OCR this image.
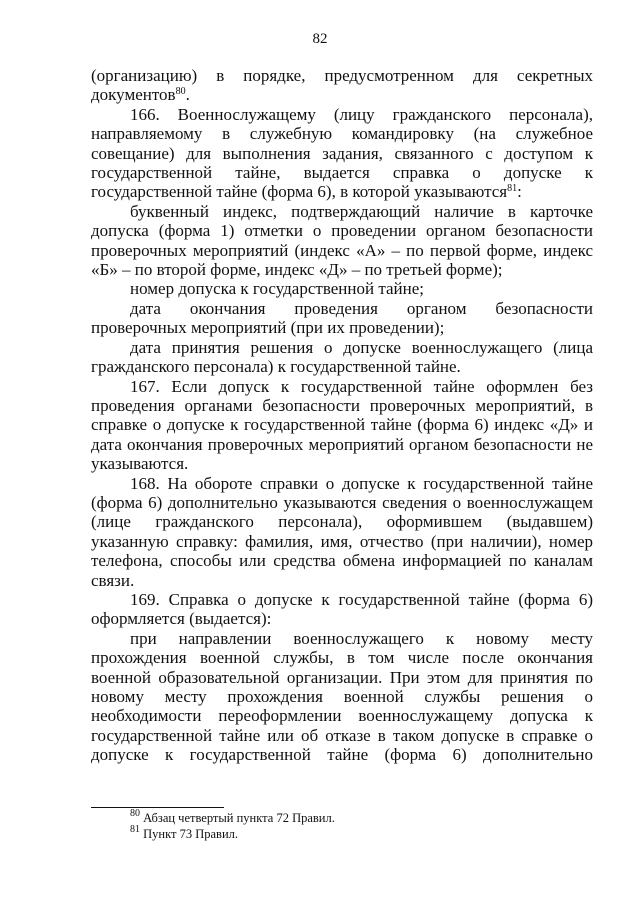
82

(организацию) в порядке, предусмотренном для секретных документов$^{80}$.

166. Военнослужащему (лицу гражданского персонала), направляемому в служебную командировку (на служебное совещание) для выполнения задания, связанного с доступом к государственной тайне, выдается справка о допуске к государственной тайне (форма 6), в которой указываются$^{81}$:

буквенный индекс, подтверждающий наличие в карточке допуска (форма 1) отметки о проведении органом безопасности проверочных мероприятий (индекс «А» – по первой форме, индекс «Б» – по второй форме, индекс «Д» – по третьей форме);

номер допуска к государственной тайне;

дата окончания проведения органом безопасности проверочных мероприятий (при их проведении);

дата принятия решения о допуске военнослужащего (лица гражданского персонала) к государственной тайне.

167. Если допуск к государственной тайне оформлен без проведения органами безопасности проверочных мероприятий, в справке о допуске к государственной тайне (форма 6) индекс «Д» и дата окончания проверочных мероприятий органом безопасности не указываются.

168. На обороте справки о допуске к государственной тайне (форма 6) дополнительно указываются сведения о военнослужащем (лице гражданского персонала), оформившем (выдавшем) указанную справку: фамилия, имя, отчество (при наличии), номер телефона, способы или средства обмена информацией по каналам связи.

169. Справка о допуске к государственной тайне (форма 6) оформляется (выдается):

при направлении военнослужащего к новому месту прохождения военной службы, в том числе после окончания военной образовательной организации. При этом для принятия по новому месту прохождения военной службы решения о необходимости переоформлении военнослужащему допуска к государственной тайне или об отказе в таком допуске в справке о допуске к государственной тайне (форма 6) дополнительно

$^{80}$ Абзац четвертый пункта 72 Правил.

$^{81}$ Пункт 73 Правил.
